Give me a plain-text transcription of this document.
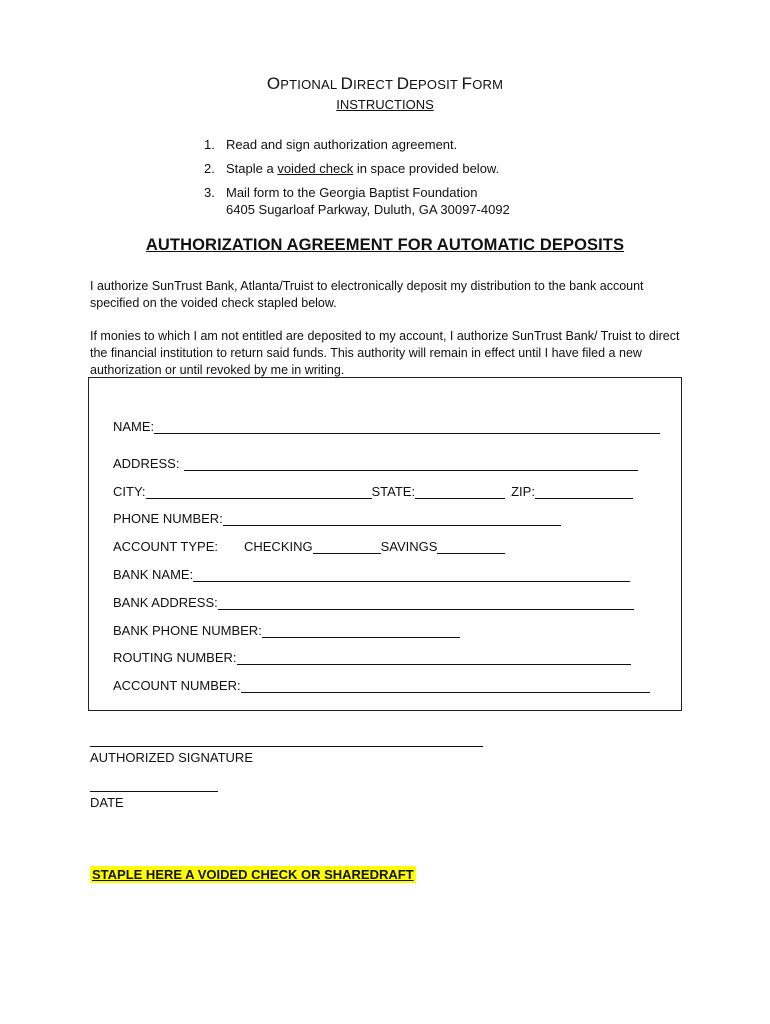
OPTIONAL DIRECT DEPOSIT FORM
INSTRUCTIONS
1. Read and sign authorization agreement.
2. Staple a voided check in space provided below.
3. Mail form to the Georgia Baptist Foundation
6405 Sugarloaf Parkway, Duluth, GA 30097-4092
AUTHORIZATION AGREEMENT FOR AUTOMATIC DEPOSITS
I authorize SunTrust Bank, Atlanta/Truist to electronically deposit my distribution to the bank account specified on the voided check stapled below.
If monies to which I am not entitled are deposited to my account, I authorize SunTrust Bank/ Truist to direct the financial institution to return said funds. This authority will remain in effect until I have filed a new authorization or until revoked by me in writing.
NAME:
ADDRESS:
CITY:	STATE:	ZIP:
PHONE NUMBER:
ACCOUNT TYPE: CHECKING	SAVINGS
BANK NAME:
BANK ADDRESS:
BANK PHONE NUMBER:
ROUTING NUMBER:
ACCOUNT NUMBER:
AUTHORIZED SIGNATURE
DATE
STAPLE HERE A VOIDED CHECK OR SHAREDRAFT
